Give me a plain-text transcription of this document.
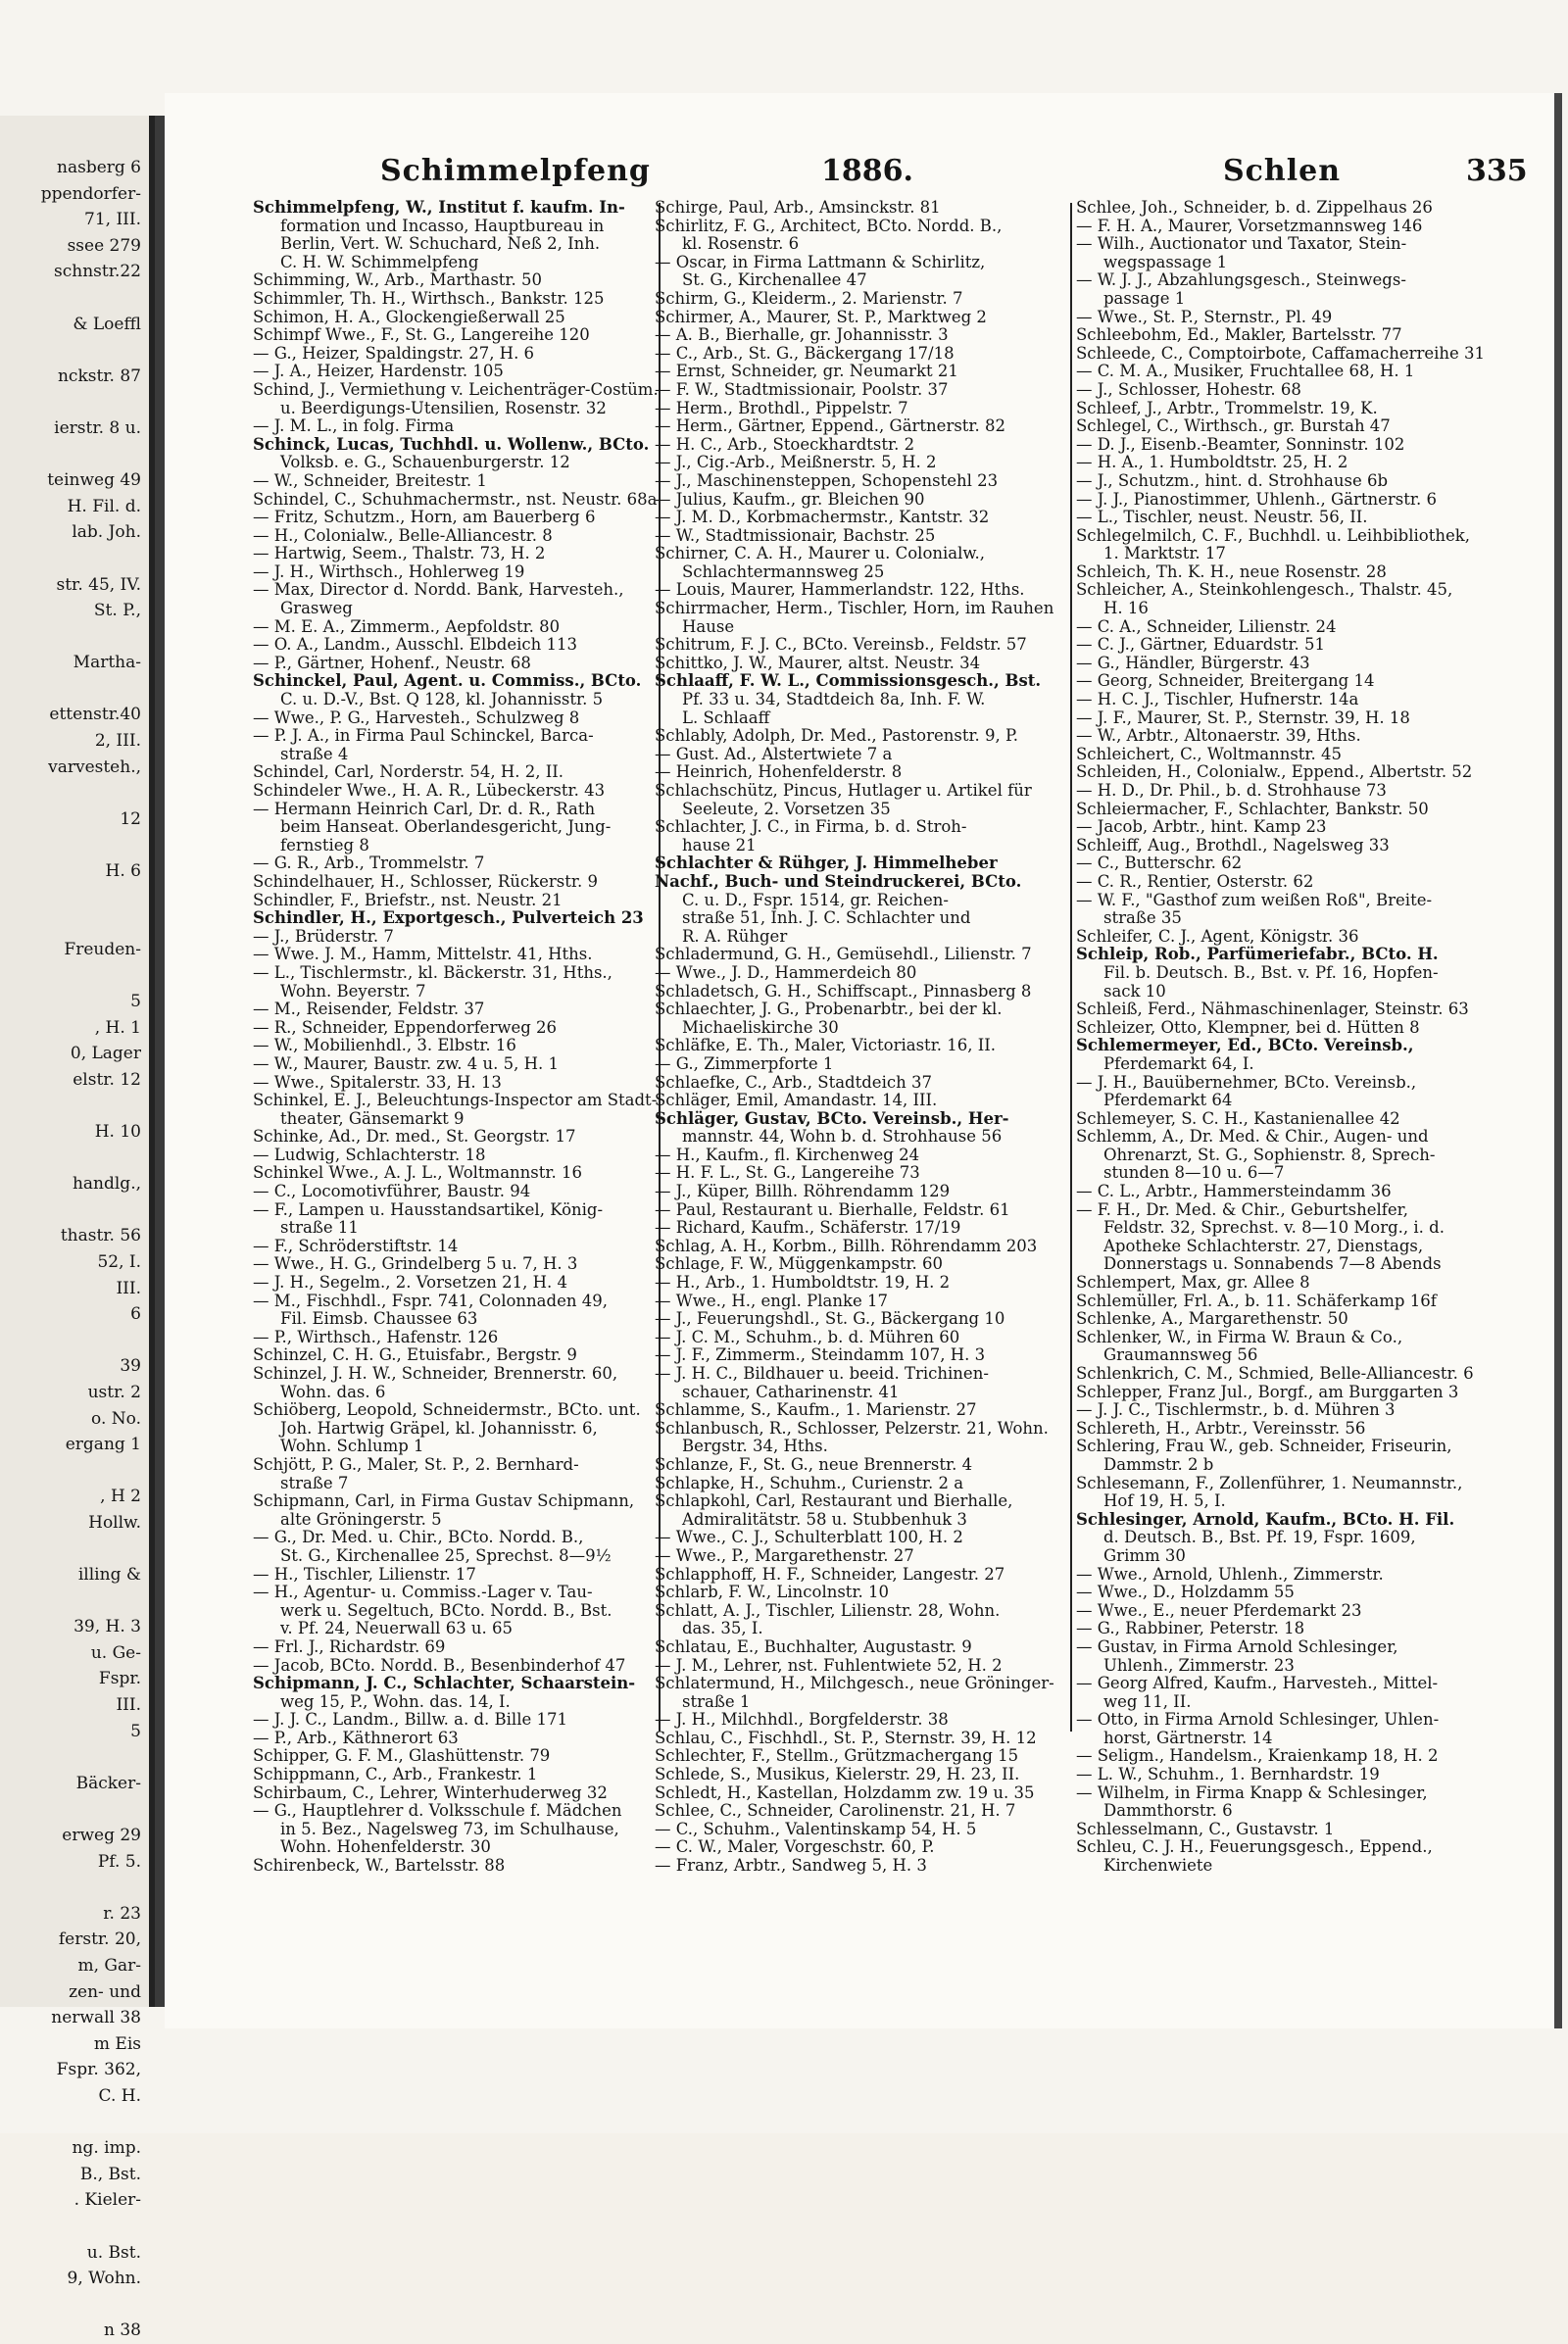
nasberg 6
ppendorfer-
71, III.
ssee 279
schnstr.22

& Loeffl

nckstr. 87

ierstr. 8 u.

teinweg 49
H. Fil. d.
lab. Joh.

str. 45, IV.
St. P.,

Martha-

ettenstr.40
2, III.
varvesteh.,

12

H. 6

Freuden-

5
, H. 1
0, Lager
elstr. 12

H. 10

handlg.,

thastr. 56
52, I.
III.
6

39
ustr. 2
o. No.
ergang 1

, H 2
Hollw.

illing &

39, H. 3
u. Ge-
Fspr.
III.
5

Bäcker-

erweg 29
Pf. 5.

r. 23
ferstr. 20,
m, Gar-
zen- und
nerwall 38
m Eis
Fspr. 362,
C. H.

ng. imp.
B., Bst.
. Kieler-

u. Bst.
9, Wohn.

n 38
Schimmelpfeng	1886.	Schlen	335
Schimmelpfeng, W., Institut f. kaufm. In-
formation und Incasso, Hauptbureau in
Berlin, Vert. W. Schuchard, Neß 2, Inh.
C. H. W. Schimmelpfeng
Schimming, W., Arb., Marthastr. 50
Schimmler, Th. H., Wirthsch., Bankstr. 125
Schimon, H. A., Glockengießerwall 25
Schimpf Wwe., F., St. G., Langereihe 120
— G., Heizer, Spaldingstr. 27, H. 6
— J. A., Heizer, Hardenstr. 105
Schind, J., Vermiethung v. Leichenträger-Costüm.
u. Beerdigungs-Utensilien, Rosenstr. 32
— J. M. L., in folg. Firma
Schinck, Lucas, Tuchhdl. u. Wollenw., BCto.
Volksb. e. G., Schauenburgerstr. 12
— W., Schneider, Breitestr. 1
Schindel, C., Schuhmachermstr., nst. Neustr. 68a
— Fritz, Schutzm., Horn, am Bauerberg 6
— H., Colonialw., Belle-Alliancestr. 8
— Hartwig, Seem., Thalstr. 73, H. 2
— J. H., Wirthsch., Hohlerweg 19
— Max, Director d. Nordd. Bank, Harvesteh.,
Grasweg
— M. E. A., Zimmerm., Aepfoldstr. 80
— O. A., Landm., Ausschl. Elbdeich 113
— P., Gärtner, Hohenf., Neustr. 68
Schinckel, Paul, Agent. u. Commiss., BCto.
C. u. D.-V., Bst. Q 128, kl. Johannisstr. 5
— Wwe., P. G., Harvesteh., Schulzweg 8
— P. J. A., in Firma Paul Schinckel, Barca-
straße 4
Schindel, Carl, Norderstr. 54, H. 2, II.
Schindeler Wwe., H. A. R., Lübeckerstr. 43
— Hermann Heinrich Carl, Dr. d. R., Rath
beim Hanseat. Oberlandesgericht, Jung-
fernstieg 8
— G. R., Arb., Trommelstr. 7
Schindelhauer, H., Schlosser, Rückerstr. 9
Schindler, F., Briefstr., nst. Neustr. 21
Schindler, H., Exportgesch., Pulverteich 23
— J., Brüderstr. 7
— Wwe. J. M., Hamm, Mittelstr. 41, Hths.
— L., Tischlermstr., kl. Bäckerstr. 31, Hths.,
Wohn. Beyerstr. 7
— M., Reisender, Feldstr. 37
— R., Schneider, Eppendorferweg 26
— W., Mobilienhdl., 3. Elbstr. 16
— W., Maurer, Baustr. zw. 4 u. 5, H. 1
— Wwe., Spitalerstr. 33, H. 13
Schinkel, E. J., Beleuchtungs-Inspector am Stadt-
theater, Gänsemarkt 9
Schinke, Ad., Dr. med., St. Georgstr. 17
— Ludwig, Schlachterstr. 18
Schinkel Wwe., A. J. L., Woltmannstr. 16
— C., Locomotivführer, Baustr. 94
— F., Lampen u. Hausstandsartikel, König-
straße 11
— F., Schröderstiftstr. 14
— Wwe., H. G., Grindelberg 5 u. 7, H. 3
— J. H., Segelm., 2. Vorsetzen 21, H. 4
— M., Fischhdl., Fspr. 741, Colonnaden 49,
Fil. Eimsb. Chaussee 63
— P., Wirthsch., Hafenstr. 126
Schinzel, C. H. G., Etuisfabr., Bergstr. 9
Schinzel, J. H. W., Schneider, Brennerstr. 60,
Wohn. das. 6
Schiöberg, Leopold, Schneidermstr., BCto. unt.
Joh. Hartwig Gräpel, kl. Johannisstr. 6,
Wohn. Schlump 1
Schjött, P. G., Maler, St. P., 2. Bernhard-
straße 7
Schipmann, Carl, in Firma Gustav Schipmann,
alte Gröningerstr. 5
— G., Dr. Med. u. Chir., BCto. Nordd. B.,
St. G., Kirchenallee 25, Sprechst. 8—9½
— H., Tischler, Lilienstr. 17
— H., Agentur- u. Commiss.-Lager v. Tau-
werk u. Segeltuch, BCto. Nordd. B., Bst.
v. Pf. 24, Neuerwall 63 u. 65
— Frl. J., Richardstr. 69
— Jacob, BCto. Nordd. B., Besenbinderhof 47
Schipmann, J. C., Schlachter, Schaarstein-
weg 15, P., Wohn. das. 14, I.
— J. J. C., Landm., Billw. a. d. Bille 171
— P., Arb., Käthnerort 63
Schipper, G. F. M., Glashüttenstr. 79
Schippmann, C., Arb., Frankestr. 1
Schirbaum, C., Lehrer, Winterhuderweg 32
— G., Hauptlehrer d. Volksschule f. Mädchen
in 5. Bez., Nagelsweg 73, im Schulhause,
Wohn. Hohenfelderstr. 30
Schirenbeck, W., Bartelsstr. 88
Schirge, Paul, Arb., Amsinckstr. 81
Schirlitz, F. G., Architect, BCto. Nordd. B.,
kl. Rosenstr. 6
— Oscar, in Firma Lattmann & Schirlitz,
St. G., Kirchenallee 47
Schirm, G., Kleiderm., 2. Marienstr. 7
Schirmer, A., Maurer, St. P., Marktweg 2
— A. B., Bierhalle, gr. Johannisstr. 3
— C., Arb., St. G., Bäckergang 17/18
— Ernst, Schneider, gr. Neumarkt 21
— F. W., Stadtmissionair, Poolstr. 37
— Herm., Brothdl., Pippelstr. 7
— Herm., Gärtner, Eppend., Gärtnerstr. 82
— H. C., Arb., Stoeckhardtstr. 2
— J., Cig.-Arb., Meißnerstr. 5, H. 2
— J., Maschinensteppen, Schopenstehl 23
— Julius, Kaufm., gr. Bleichen 90
— J. M. D., Korbmachermstr., Kantstr. 32
— W., Stadtmissionair, Bachstr. 25
Schirner, C. A. H., Maurer u. Colonialw.,
Schlachtermannsweg 25
— Louis, Maurer, Hammerlandstr. 122, Hths.
Schirrmacher, Herm., Tischler, Horn, im Rauhen
Hause
Schitrum, F. J. C., BCto. Vereinsb., Feldstr. 57
Schittko, J. W., Maurer, altst. Neustr. 34
Schlaaff, F. W. L., Commissionsgesch., Bst.
Pf. 33 u. 34, Stadtdeich 8a, Inh. F. W.
L. Schlaaff
Schlably, Adolph, Dr. Med., Pastorenstr. 9, P.
— Gust. Ad., Alstertwiete 7 a
— Heinrich, Hohenfelderstr. 8
Schlachschütz, Pincus, Hutlager u. Artikel für
Seeleute, 2. Vorsetzen 35
Schlachter, J. C., in Firma, b. d. Stroh-
hause 21
Schlachter & Rühger, J. Himmelheber
Nachf., Buch- und Steindruckerei, BCto.
C. u. D., Fspr. 1514, gr. Reichen-
straße 51, Inh. J. C. Schlachter und
R. A. Rühger
Schladermund, G. H., Gemüsehdl., Lilienstr. 7
— Wwe., J. D., Hammerdeich 80
Schladetsch, G. H., Schiffscapt., Pinnasberg 8
Schlaechter, J. G., Probenarbtr., bei der kl.
Michaeliskirche 30
Schläfke, E. Th., Maler, Victoriastr. 16, II.
— G., Zimmerpforte 1
Schlaefke, C., Arb., Stadtdeich 37
Schläger, Emil, Amandastr. 14, III.
Schläger, Gustav, BCto. Vereinsb., Her-
mannstr. 44, Wohn b. d. Strohhause 56
— H., Kaufm., fl. Kirchenweg 24
— H. F. L., St. G., Langereihe 73
— J., Küper, Billh. Röhrendamm 129
— Paul, Restaurant u. Bierhalle, Feldstr. 61
— Richard, Kaufm., Schäferstr. 17/19
Schlag, A. H., Korbm., Billh. Röhrendamm 203
Schlage, F. W., Müggenkampstr. 60
— H., Arb., 1. Humboldtstr. 19, H. 2
— Wwe., H., engl. Planke 17
— J., Feuerungshdl., St. G., Bäckergang 10
— J. C. M., Schuhm., b. d. Mühren 60
— J. F., Zimmerm., Steindamm 107, H. 3
— J. H. C., Bildhauer u. beeid. Trichinen-
schauer, Catharinenstr. 41
Schlamme, S., Kaufm., 1. Marienstr. 27
Schlanbusch, R., Schlosser, Pelzerstr. 21, Wohn.
Bergstr. 34, Hths.
Schlanze, F., St. G., neue Brennerstr. 4
Schlapke, H., Schuhm., Curienstr. 2 a
Schlapkohl, Carl, Restaurant und Bierhalle,
Admiralitätstr. 58 u. Stubbenhuk 3
— Wwe., C. J., Schulterblatt 100, H. 2
— Wwe., P., Margarethenstr. 27
Schlapphoff, H. F., Schneider, Langestr. 27
Schlarb, F. W., Lincolnstr. 10
Schlatt, A. J., Tischler, Lilienstr. 28, Wohn.
das. 35, I.
Schlatau, E., Buchhalter, Augustastr. 9
— J. M., Lehrer, nst. Fuhlentwiete 52, H. 2
Schlatermund, H., Milchgesch., neue Gröninger-
straße 1
— J. H., Milchhdl., Borgfelderstr. 38
Schlau, C., Fischhdl., St. P., Sternstr. 39, H. 12
Schlechter, F., Stellm., Grützmachergang 15
Schlede, S., Musikus, Kielerstr. 29, H. 23, II.
Schledt, H., Kastellan, Holzdamm zw. 19 u. 35
Schlee, C., Schneider, Carolinenstr. 21, H. 7
— C., Schuhm., Valentinskamp 54, H. 5
— C. W., Maler, Vorgeschstr. 60, P.
— Franz, Arbtr., Sandweg 5, H. 3
Schlee, Joh., Schneider, b. d. Zippelhaus 26
— F. H. A., Maurer, Vorsetzmannsweg 146
— Wilh., Auctionator und Taxator, Stein-
wegspassage 1
— W. J. J., Abzahlungsgesch., Steinwegs-
passage 1
— Wwe., St. P., Sternstr., Pl. 49
Schleebohm, Ed., Makler, Bartelsstr. 77
Schleede, C., Comptoirbote, Caffamacherreihe 31
— C. M. A., Musiker, Fruchtallee 68, H. 1
— J., Schlosser, Hohestr. 68
Schleef, J., Arbtr., Trommelstr. 19, K.
Schlegel, C., Wirthsch., gr. Burstah 47
— D. J., Eisenb.-Beamter, Sonninstr. 102
— H. A., 1. Humboldtstr. 25, H. 2
— J., Schutzm., hint. d. Strohhause 6b
— J. J., Pianostimmer, Uhlenh., Gärtnerstr. 6
— L., Tischler, neust. Neustr. 56, II.
Schlegelmilch, C. F., Buchhdl. u. Leihbibliothek,
1. Marktstr. 17
Schleich, Th. K. H., neue Rosenstr. 28
Schleicher, A., Steinkohlengesch., Thalstr. 45,
H. 16
— C. A., Schneider, Lilienstr. 24
— C. J., Gärtner, Eduardstr. 51
— G., Händler, Bürgerstr. 43
— Georg, Schneider, Breitergang 14
— H. C. J., Tischler, Hufnerstr. 14a
— J. F., Maurer, St. P., Sternstr. 39, H. 18
— W., Arbtr., Altonaerstr. 39, Hths.
Schleichert, C., Woltmannstr. 45
Schleiden, H., Colonialw., Eppend., Albertstr. 52
— H. D., Dr. Phil., b. d. Strohhause 73
Schleiermacher, F., Schlachter, Bankstr. 50
— Jacob, Arbtr., hint. Kamp 23
Schleiff, Aug., Brothdl., Nagelsweg 33
— C., Butterschr. 62
— C. R., Rentier, Osterstr. 62
— W. F., "Gasthof zum weißen Roß", Breite-
straße 35
Schleifer, C. J., Agent, Königstr. 36
Schleip, Rob., Parfümeriefabr., BCto. H.
Fil. b. Deutsch. B., Bst. v. Pf. 16, Hopfen-
sack 10
Schleiß, Ferd., Nähmaschinenlager, Steinstr. 63
Schleizer, Otto, Klempner, bei d. Hütten 8
Schlemermeyer, Ed., BCto. Vereinsb.,
Pferdemarkt 64, I.
— J. H., Bauübernehmer, BCto. Vereinsb.,
Pferdemarkt 64
Schlemeyer, S. C. H., Kastanienallee 42
Schlemm, A., Dr. Med. & Chir., Augen- und
Ohrenarzt, St. G., Sophienstr. 8, Sprech-
stunden 8—10 u. 6—7
— C. L., Arbtr., Hammersteindamm 36
— F. H., Dr. Med. & Chir., Geburtshelfer,
Feldstr. 32, Sprechst. v. 8—10 Morg., i. d.
Apotheke Schlachterstr. 27, Dienstags,
Donnerstags u. Sonnabends 7—8 Abends
Schlempert, Max, gr. Allee 8
Schlemüller, Frl. A., b. 11. Schäferkamp 16f
Schlenke, A., Margarethenstr. 50
Schlenker, W., in Firma W. Braun & Co.,
Graumannsweg 56
Schlenkrich, C. M., Schmied, Belle-Alliancestr. 6
Schlepper, Franz Jul., Borgf., am Burggarten 3
— J. J. C., Tischlermstr., b. d. Mühren 3
Schlereth, H., Arbtr., Vereinsstr. 56
Schlering, Frau W., geb. Schneider, Friseurin,
Dammstr. 2 b
Schlesemann, F., Zollenführer, 1. Neumannstr.,
Hof 19, H. 5, I.
Schlesinger, Arnold, Kaufm., BCto. H. Fil.
d. Deutsch. B., Bst. Pf. 19, Fspr. 1609,
Grimm 30
— Wwe., Arnold, Uhlenh., Zimmerstr.
— Wwe., D., Holzdamm 55
— Wwe., E., neuer Pferdemarkt 23
— G., Rabbiner, Peterstr. 18
— Gustav, in Firma Arnold Schlesinger,
Uhlenh., Zimmerstr. 23
— Georg Alfred, Kaufm., Harvesteh., Mittel-
weg 11, II.
— Otto, in Firma Arnold Schlesinger, Uhlen-
horst, Gärtnerstr. 14
— Seligm., Handelsm., Kraienkamp 18, H. 2
— L. W., Schuhm., 1. Bernhardstr. 19
— Wilhelm, in Firma Knapp & Schlesinger,
Dammthorstr. 6
Schlesselmann, C., Gustavstr. 1
Schleu, C. J. H., Feuerungsgesch., Eppend.,
Kirchenwiete
